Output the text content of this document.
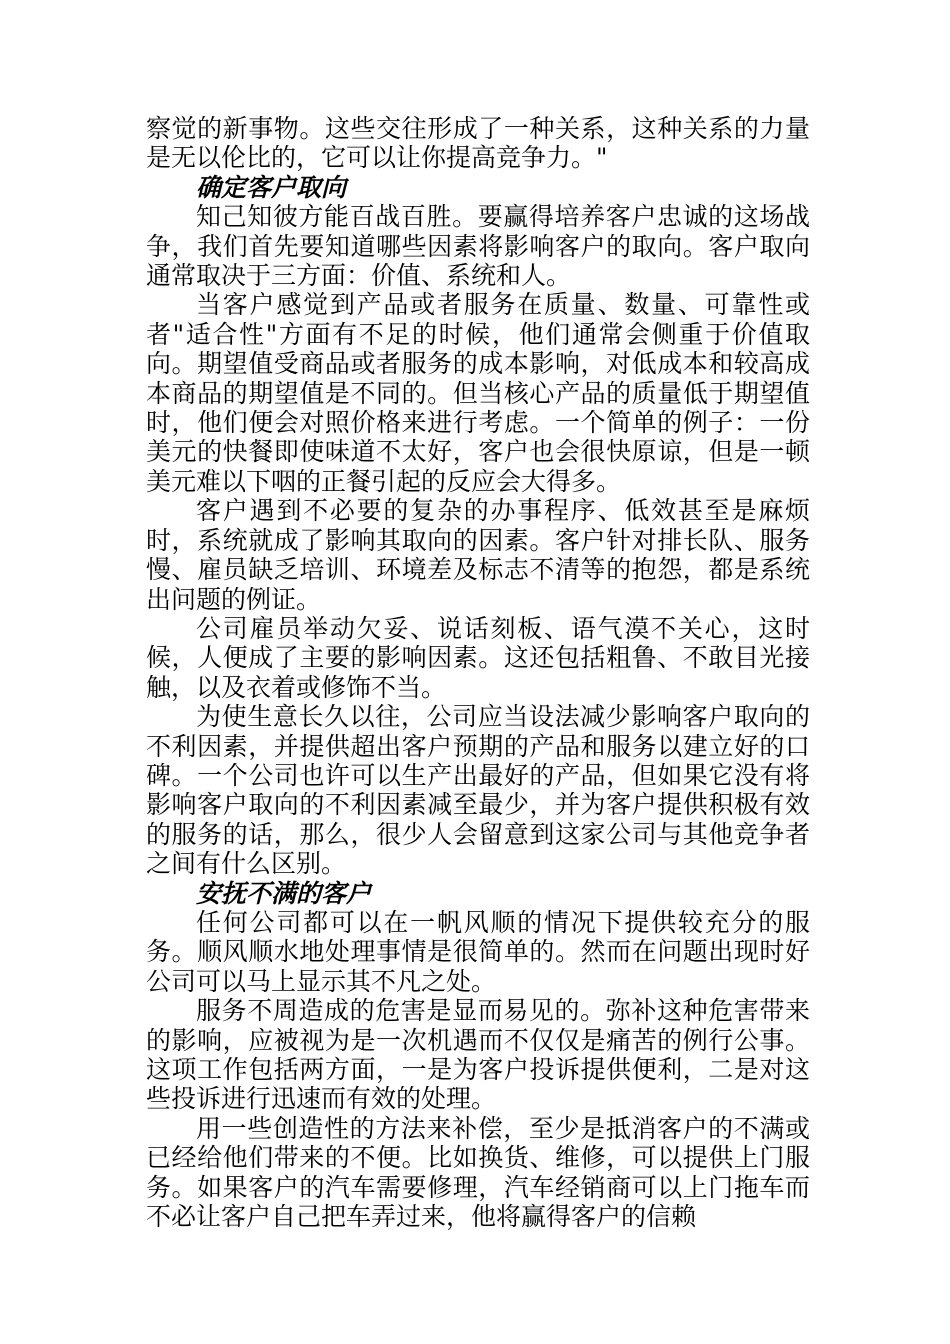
察觉的新事物。这些交往形成了一种关系，这种关系的力量是无以伦比的，它可以让你提高竞争力。"

确定客户取向

知己知彼方能百战百胜。要赢得培养客户忠诚的这场战争，我们首先要知道哪些因素将影响客户的取向。客户取向通常取决于三方面：价值、系统和人。

当客户感觉到产品或者服务在质量、数量、可靠性或者"适合性"方面有不足的时候，他们通常会侧重于价值取向。期望值受商品或者服务的成本影响，对低成本和较高成本商品的期望值是不同的。但当核心产品的质量低于期望值时，他们便会对照价格来进行考虑。一个简单的例子：一份美元的快餐即使味道不太好，客户也会很快原谅，但是一顿美元难以下咽的正餐引起的反应会大得多。

客户遇到不必要的复杂的办事程序、低效甚至是麻烦时，系统就成了影响其取向的因素。客户针对排长队、服务慢、雇员缺乏培训、环境差及标志不清等的抱怨，都是系统出问题的例证。

公司雇员举动欠妥、说话刻板、语气漠不关心，这时候，人便成了主要的影响因素。这还包括粗鲁、不敢目光接触，以及衣着或修饰不当。

为使生意长久以往，公司应当设法减少影响客户取向的不利因素，并提供超出客户预期的产品和服务以建立好的口碑。一个公司也许可以生产出最好的产品，但如果它没有将影响客户取向的不利因素减至最少，并为客户提供积极有效的服务的话，那么，很少人会留意到这家公司与其他竞争者之间有什么区别。

安抚不满的客户

任何公司都可以在一帆风顺的情况下提供较充分的服务。顺风顺水地处理事情是很简单的。然而在问题出现时好公司可以马上显示其不凡之处。

服务不周造成的危害是显而易见的。弥补这种危害带来的影响，应被视为是一次机遇而不仅仅是痛苦的例行公事。这项工作包括两方面，一是为客户投诉提供便利，二是对这些投诉进行迅速而有效的处理。

用一些创造性的方法来补偿，至少是抵消客户的不满或已经给他们带来的不便。比如换货、维修，可以提供上门服务。如果客户的汽车需要修理，汽车经销商可以上门拖车而不必让客户自己把车弄过来，他将赢得客户的信赖
